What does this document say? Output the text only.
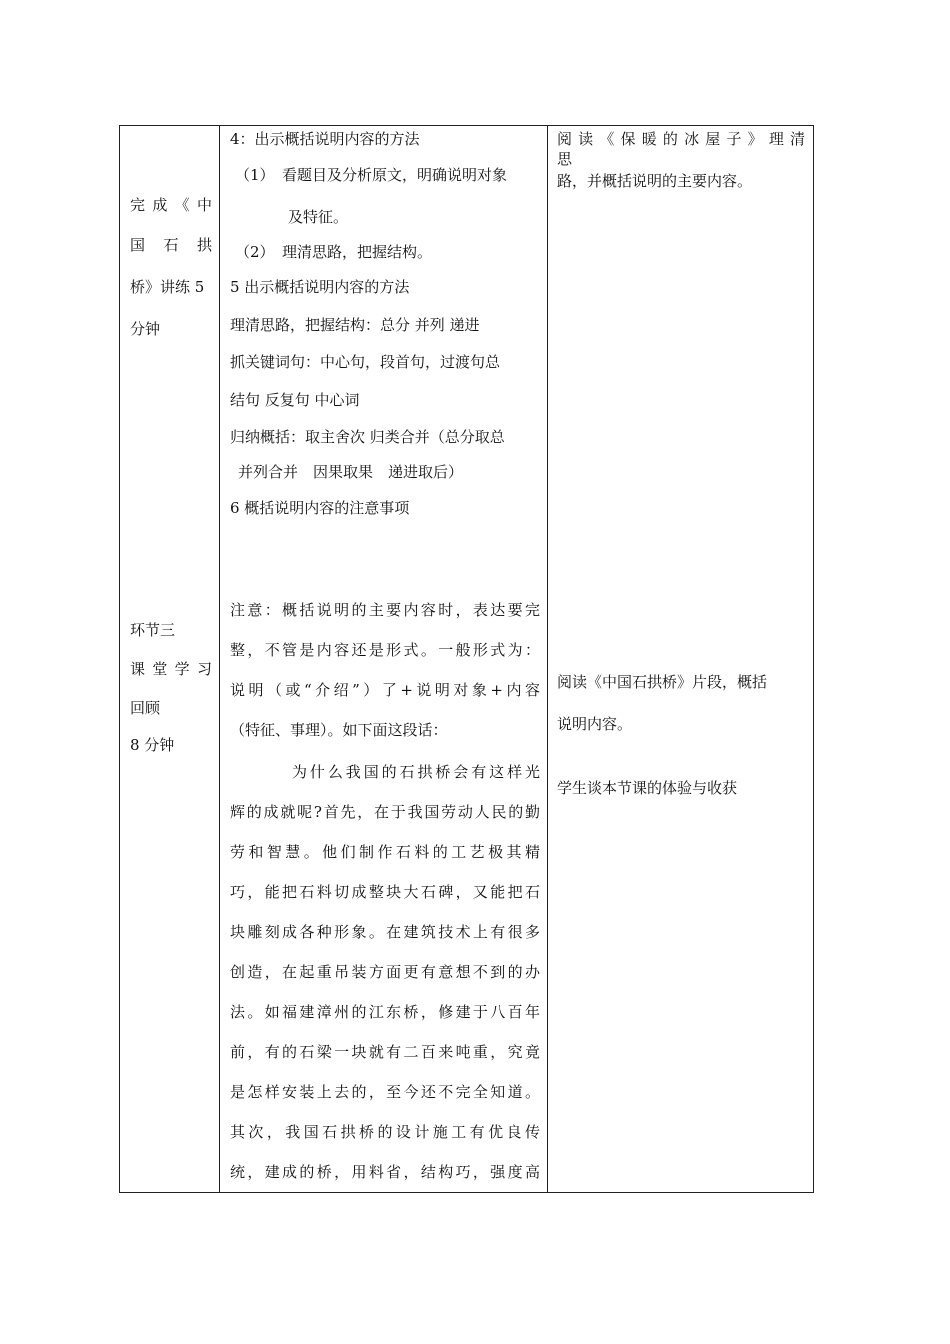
完 成 《 中
国 石 拱
桥》讲练 5
分钟
环节三
课 堂 学 习
回顾
8 分钟
4：出示概括说明内容的方法
（1）　看题目及分析原文，明确说明对象
及特征。
（2）　理清思路，把握结构。
5 出示概括说明内容的方法
理清思路，把握结构：总分 并列 递进
抓关键词句：中心句，段首句，过渡句总
结句 反复句 中心词
归纳概括：取主舍次 归类合并（总分取总
并列合并　因果取果　递进取后）
6 概括说明内容的注意事项
注意：概括说明的主要内容时，表达要完
整，不管是内容还是形式。一般形式为：
说明（或“介绍”）了+说明对象+内容
（特征、事理）。如下面这段话：
为什么我国的石拱桥会有这样光
辉的成就呢?首先，在于我国劳动人民的勤
劳和智慧。他们制作石料的工艺极其精
巧，能把石料切成整块大石碑，又能把石
块雕刻成各种形象。在建筑技术上有很多
创造，在起重吊装方面更有意想不到的办
法。如福建漳州的江东桥，修建于八百年
前，有的石梁一块就有二百来吨重，究竟
是怎样安装上去的，至今还不完全知道。
其次，我国石拱桥的设计施工有优良传
统，建成的桥，用料省，结构巧，强度高
阅 读 《 保 暖 的 冰 屋 子 》 理 清 思
路，并概括说明的主要内容。
阅读《中国石拱桥》片段，概括
说明内容。
学生谈本节课的体验与收获
